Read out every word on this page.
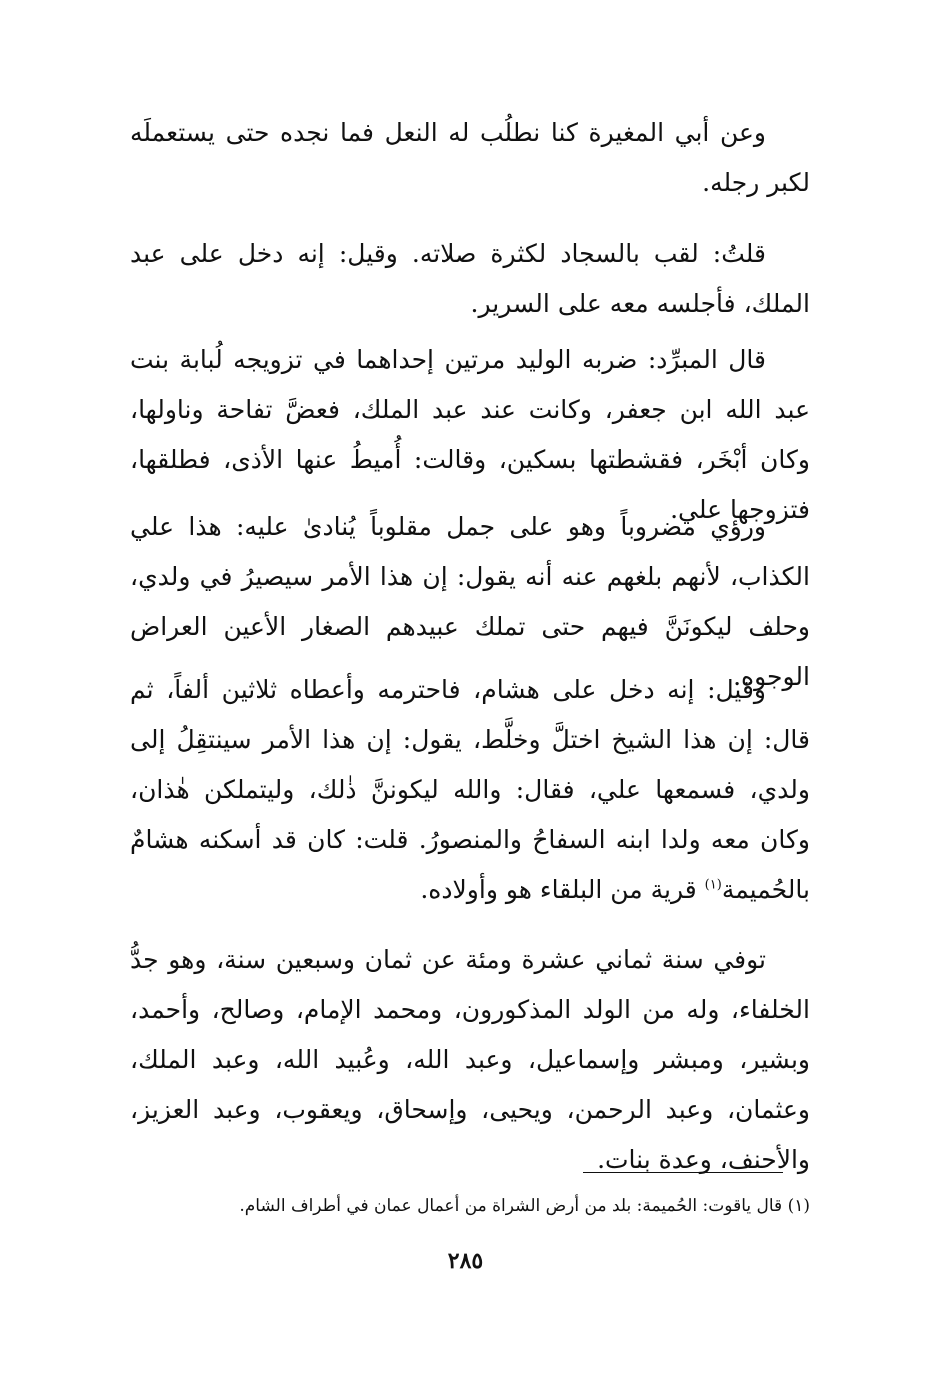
وعن أبي المغيرة كنا نطلُب له النعل فما نجده حتى يستعملَه لكبر رجله.

قلتُ: لقب بالسجاد لكثرة صلاته. وقيل: إنه دخل على عبد الملك، فأجلسه معه على السرير.

قال المبرِّد: ضربه الوليد مرتين إحداهما في تزويجه لُبابة بنت عبد الله ابن جعفر، وكانت عند عبد الملك، فعضَّ تفاحة وناولها، وكان أبْخَر، فقشطتها بسكين، وقالت: أُميطُ عنها الأذى، فطلقها، فتزوجها علي.

ورؤي مضروباً وهو على جمل مقلوباً يُنادىٰ عليه: هذا علي الكذاب، لأنهم بلغهم عنه أنه يقول: إن هذا الأمر سيصيرُ في ولدي، وحلف ليكونَنَّ فيهم حتى تملك عبيدهم الصغار الأعين العراض الوجوه.

وقيل: إنه دخل على هشام، فاحترمه وأعطاه ثلاثين ألفاً، ثم قال: إن هذا الشيخ اختلَّ وخلَّط، يقول: إن هذا الأمر سينتقِلُ إلى ولدي، فسمعها علي، فقال: والله ليكوننَّ ذٰلك، وليتملكن هٰذان، وكان معه ولدا ابنه السفاحُ والمنصورُ. قلت: كان قد أسكنه هشامٌ بالحُميمة$^{(١)}$ قرية من البلقاء هو وأولاده.

توفي سنة ثماني عشرة ومئة عن ثمان وسبعين سنة، وهو جدُّ الخلفاء، وله من الولد المذكورون، ومحمد الإمام، وصالح، وأحمد، وبشير، ومبشر وإسماعيل، وعبد الله، وعُبيد الله، وعبد الملك، وعثمان، وعبد الرحمن، ويحيى، وإسحاق، ويعقوب، وعبد العزيز، والأحنف، وعدة بنات.

(١) قال ياقوت: الحُميمة: بلد من أرض الشراة من أعمال عمان في أطراف الشام.
٢٨٥
